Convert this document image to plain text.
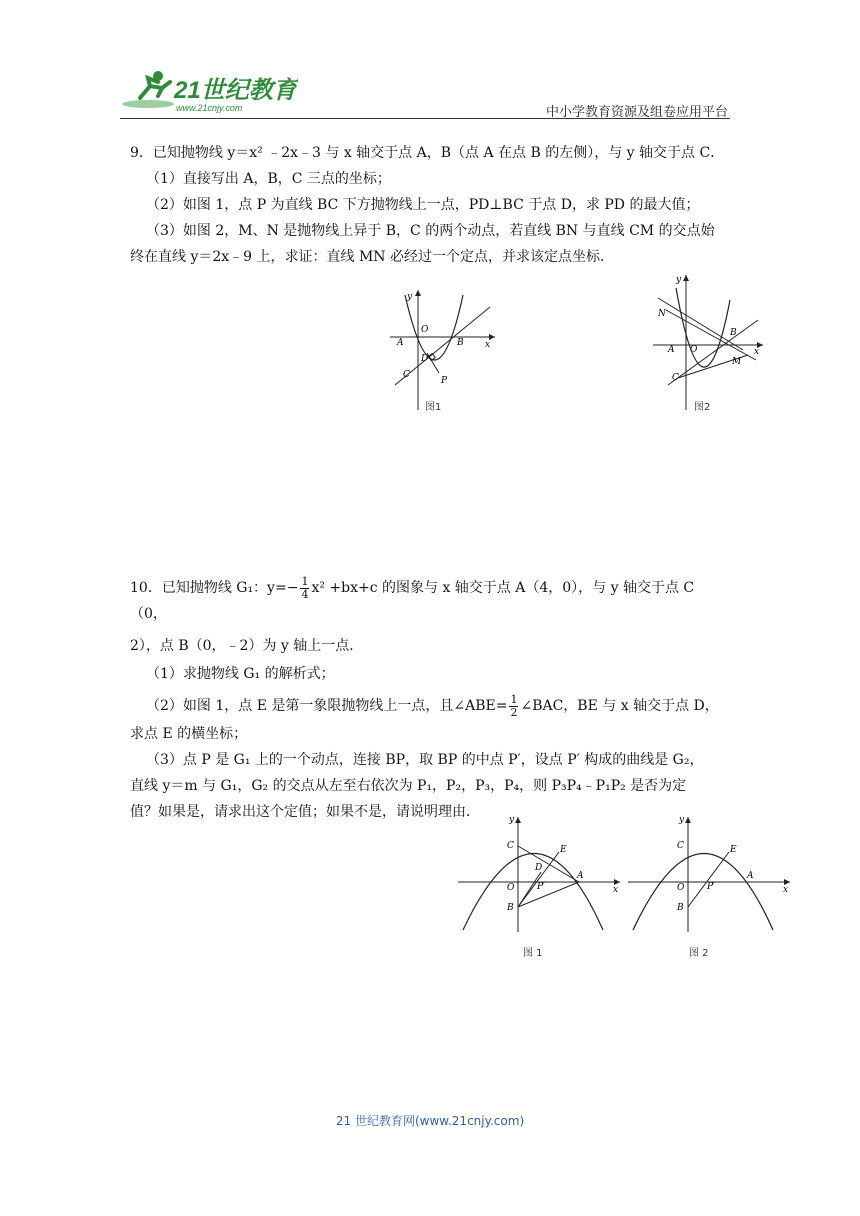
21世纪教育
www.21cnjy.com	中小学教育资源及组卷应用平台

9．已知抛物线 y＝x² ﹣2x﹣3 与 x 轴交于点 A，B（点 A 在点 B 的左侧），与 y 轴交于点 C．

（1）直接写出 A，B，C 三点的坐标；

（2）如图 1，点 P 为直线 BC 下方抛物线上一点，PD⊥BC 于点 D，求 PD 的最大值；

（3）如图 2，M、N 是抛物线上异于 B，C 的两个动点，若直线 BN 与直线 CM 的交点始

终在直线 y＝2x﹣9 上，求证：直线 MN 必经过一个定点，并求该定点坐标．

A	B
C
D
P
O
y
x
图1
A
B
C
M
N
O
y
x
图2

10．已知抛物线 G₁：$y=- \frac{1}{4} x^2 +bx+c$ 的图象与 x 轴交于点 A（4，0），与 y 轴交于点 C（0，

2），点 B（0，﹣2）为 y 轴上一点．

（1）求抛物线 G₁ 的解析式；

（2）如图 1，点 E 是第一象限抛物线上一点，且∠ABE= $\frac{1}{2}$ ∠BAC，BE 与 x 轴交于点 D，

求点 E 的横坐标；

（3）点 P 是 G₁ 上的一个动点，连接 BP，取 BP 的中点 P′，设点 P′ 构成的曲线是 G₂，

直线 y＝m 与 G₁，G₂ 的交点从左至右依次为 P₁，P₂，P₃，P₄，则 P₃P₄﹣P₁P₂ 是否为定

值？如果是，请求出这个定值；如果不是，请说明理由．

C	E
D
A
P′
O
B
y
x
图 1
C	E
A
P′
O
B
y
x
图 2
21 世纪教育网(www.21cnjy.com)
